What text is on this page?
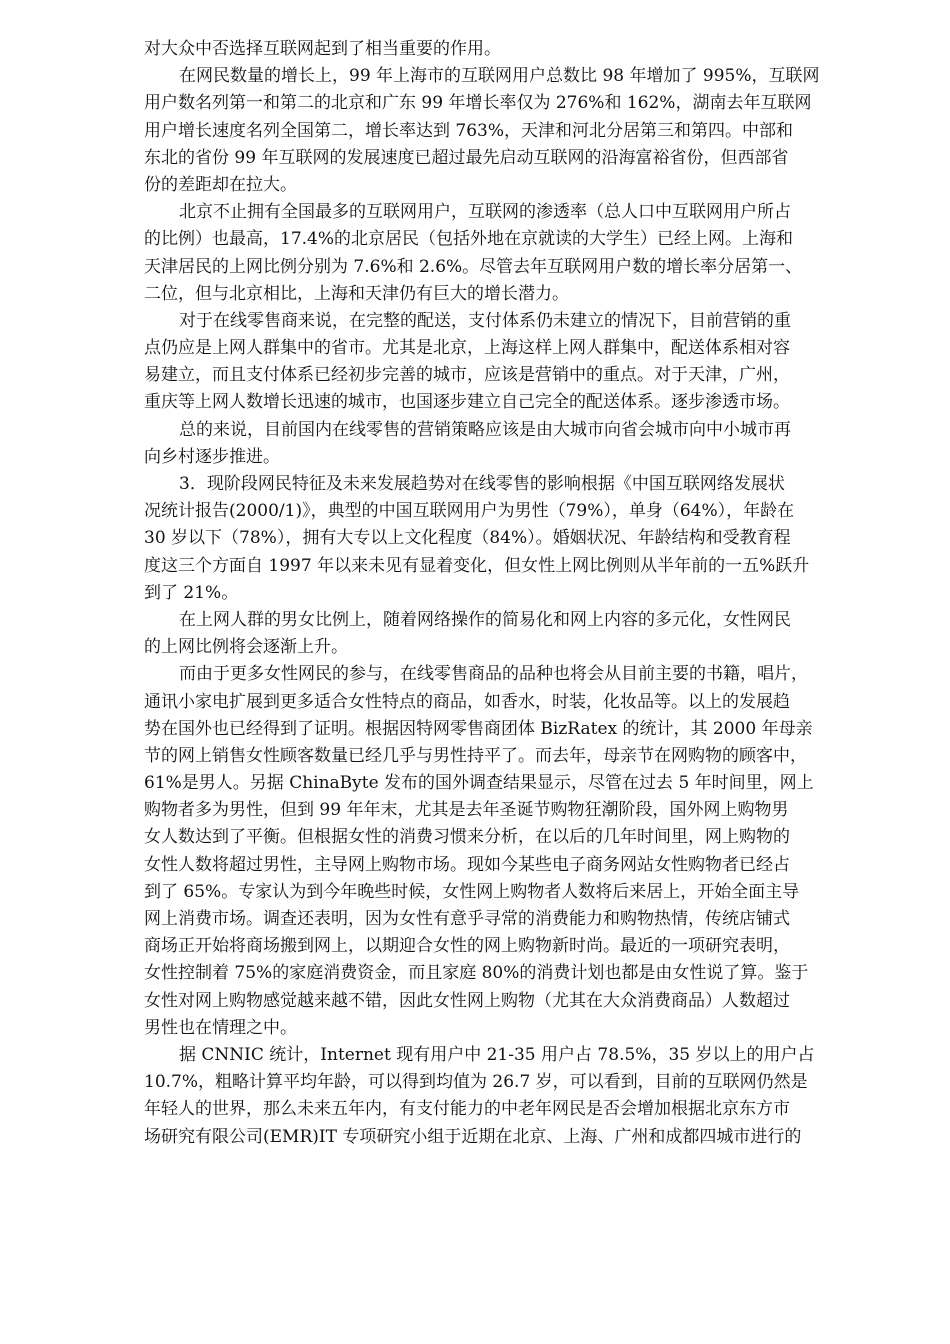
对大众中否选择互联网起到了相当重要的作用。
在网民数量的增长上，99 年上海市的互联网用户总数比 98 年增加了 995%，互联网
用户数名列第一和第二的北京和广东 99 年增长率仅为 276%和 162%，湖南去年互联网
用户增长速度名列全国第二，增长率达到 763%，天津和河北分居第三和第四。中部和
东北的省份 99 年互联网的发展速度已超过最先启动互联网的沿海富裕省份，但西部省
份的差距却在拉大。
北京不止拥有全国最多的互联网用户，互联网的渗透率（总人口中互联网用户所占
的比例）也最高，17.4%的北京居民（包括外地在京就读的大学生）已经上网。上海和
天津居民的上网比例分别为 7.6%和 2.6%。尽管去年互联网用户数的增长率分居第一、
二位，但与北京相比，上海和天津仍有巨大的增长潜力。
对于在线零售商来说，在完整的配送，支付体系仍未建立的情况下，目前营销的重
点仍应是上网人群集中的省市。尤其是北京，上海这样上网人群集中，配送体系相对容
易建立，而且支付体系已经初步完善的城市，应该是营销中的重点。对于天津，广州，
重庆等上网人数增长迅速的城市，也国逐步建立自己完全的配送体系。逐步渗透市场。
总的来说，目前国内在线零售的营销策略应该是由大城市向省会城市向中小城市再
向乡村逐步推进。
3．现阶段网民特征及未来发展趋势对在线零售的影响根据《中国互联网络发展状
况统计报告(2000/1)》，典型的中国互联网用户为男性（79%），单身（64%），年龄在
30 岁以下（78%），拥有大专以上文化程度（84%）。婚姻状况、年龄结构和受教育程
度这三个方面自 1997 年以来未见有显着变化，但女性上网比例则从半年前的一五%跃升
到了 21%。
在上网人群的男女比例上，随着网络操作的简易化和网上内容的多元化，女性网民
的上网比例将会逐渐上升。
而由于更多女性网民的参与，在线零售商品的品种也将会从目前主要的书籍，唱片，
通讯小家电扩展到更多适合女性特点的商品，如香水，时装，化妆品等。以上的发展趋
势在国外也已经得到了证明。根据因特网零售商团体 BizRatex 的统计，其 2000 年母亲
节的网上销售女性顾客数量已经几乎与男性持平了。而去年，母亲节在网购物的顾客中，
61%是男人。另据 ChinaByte 发布的国外调查结果显示，尽管在过去 5 年时间里，网上
购物者多为男性，但到 99 年年末，尤其是去年圣诞节购物狂潮阶段，国外网上购物男
女人数达到了平衡。但根据女性的消费习惯来分析，在以后的几年时间里，网上购物的
女性人数将超过男性，主导网上购物市场。现如今某些电子商务网站女性购物者已经占
到了 65%。专家认为到今年晚些时候，女性网上购物者人数将后来居上，开始全面主导
网上消费市场。调查还表明，因为女性有意乎寻常的消费能力和购物热情，传统店铺式
商场正开始将商场搬到网上，以期迎合女性的网上购物新时尚。最近的一项研究表明，
女性控制着 75%的家庭消费资金，而且家庭 80%的消费计划也都是由女性说了算。鉴于
女性对网上购物感觉越来越不错，因此女性网上购物（尤其在大众消费商品）人数超过
男性也在情理之中。
据 CNNIC 统计，Internet 现有用户中 21-35 用户占 78.5%，35 岁以上的用户占
10.7%，粗略计算平均年龄，可以得到均值为 26.7 岁，可以看到，目前的互联网仍然是
年轻人的世界，那么未来五年内，有支付能力的中老年网民是否会增加根据北京东方市
场研究有限公司(EMR)IT 专项研究小组于近期在北京、上海、广州和成都四城市进行的
